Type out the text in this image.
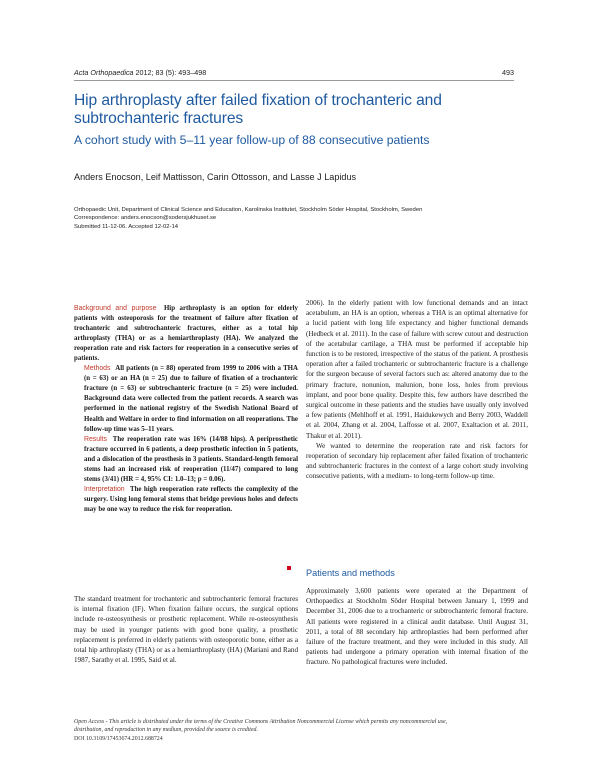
Acta Orthopaedica 2012; 83 (5): 493–498	493
Hip arthroplasty after failed fixation of trochanteric and subtrochanteric fractures
A cohort study with 5–11 year follow-up of 88 consecutive patients
Anders Enocson, Leif Mattisson, Carin Ottosson, and Lasse J Lapidus
Orthopaedic Unit, Department of Clinical Science and Education, Karolinska Institutet, Stockholm Söder Hospital, Stockholm, Sweden
Correspondence: anders.enocson@sodersjukhuset.se
Submitted 11-12-06. Accepted 12-02-14

Background and purpose Hip arthroplasty is an option for elderly patients with osteoporosis for the treatment of failure after fixation of trochanteric and subtrochanteric fractures, either as a total hip arthroplasty (THA) or as a hemiarthroplasty (HA). We analyzed the reoperation rate and risk factors for reoperation in a consecutive series of patients.

Methods All patients (n = 88) operated from 1999 to 2006 with a THA (n = 63) or an HA (n = 25) due to failure of fixation of a trochanteric fracture (n = 63) or subtrochanteric fracture (n = 25) were included. Background data were collected from the patient records. A search was performed in the national registry of the Swedish National Board of Health and Welfare in order to find information on all reoperations. The follow-up time was 5–11 years.

Results The reoperation rate was 16% (14/88 hips). A periprosthetic fracture occurred in 6 patients, a deep prosthetic infection in 5 patients, and a dislocation of the prosthesis in 3 patients. Standard-length femoral stems had an increased risk of reoperation (11/47) compared to long stems (3/41) (HR = 4, 95% CI: 1.0–13; p = 0.06).

Interpretation The high reoperation rate reflects the complexity of the surgery. Using long femoral stems that bridge previous holes and defects may be one way to reduce the risk for reoperation.

The standard treatment for trochanteric and subtrochanteric femoral fractures is internal fixation (IF). When fixation failure occurs, the surgical options include re-osteosynthesis or prosthetic replacement. While re-osteosynthesis may be used in younger patients with good bone quality, a prosthetic replacement is preferred in elderly patients with osteoporotic bone, either as a total hip arthroplasty (THA) or as a hemiarthroplasty (HA) (Mariani and Rand 1987, Sarathy et al. 1995, Said et al.

2006). In the elderly patient with low functional demands and an intact acetabulum, an HA is an option, whereas a THA is an optimal alternative for a lucid patient with long life expectancy and higher functional demands (Hedbeck et al. 2011). In the case of failure with screw cutout and destruction of the acetabular cartilage, a THA must be performed if acceptable hip function is to be restored, irrespective of the status of the patient. A prosthesis operation after a failed trochanteric or subtrochanteric fracture is a challenge for the surgeon because of several factors such as: altered anatomy due to the primary fracture, nonunion, malunion, bone loss, holes from previous implant, and poor bone quality. Despite this, few authors have described the surgical outcome in these patients and the studies have usually only involved a few patients (Mehlhoff et al. 1991, Haidukewych and Berry 2003, Waddell et al. 2004, Zhang et al. 2004, Laffosse et al. 2007, Exaltacion et al. 2011, Thakur et al. 2011).

We wanted to determine the reoperation rate and risk factors for reoperation of secondary hip replacement after failed fixation of trochanteric and subtrochanteric fractures in the context of a large cohort study involving consecutive patients, with a medium- to long-term follow-up time.

Patients and methods

Approximately 3,600 patients were operated at the Department of Orthopaedics at Stockholm Söder Hospital between January 1, 1999 and December 31, 2006 due to a trochanteric or subtrochanteric femoral fracture. All patients were registered in a clinical audit database. Until August 31, 2011, a total of 88 secondary hip arthroplasties had been performed after failure of the fracture treatment, and they were included in this study. All patients had undergone a primary operation with internal fixation of the fracture. No pathological fractures were included.

Open Access - This article is distributed under the terms of the Creative Commons Attribution Noncommercial License which permits any noncommercial use,
distribution, and reproduction in any medium, provided the source is credited.
DOI 10.3109/17453674.2012.688724
